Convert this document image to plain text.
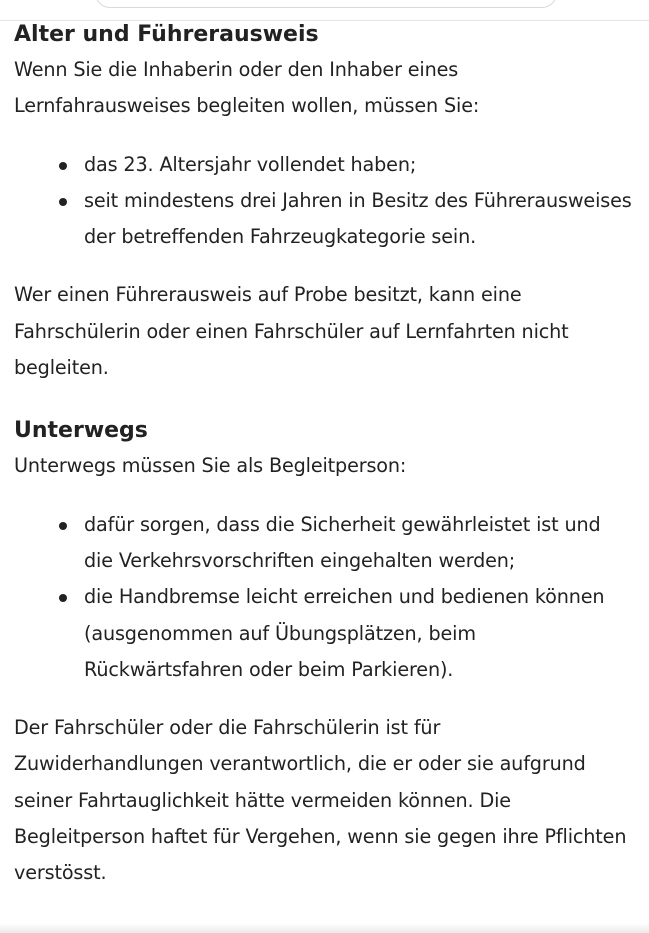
Alter und Führerausweis

Wenn Sie die Inhaberin oder den Inhaber eines Lernfahrausweises begleiten wollen, müssen Sie:

das 23. Altersjahr vollendet haben;
seit mindestens drei Jahren in Besitz des Führerausweises der betreffenden Fahrzeugkategorie sein.

Wer einen Führerausweis auf Probe besitzt, kann eine Fahrschülerin oder einen Fahrschüler auf Lernfahrten nicht begleiten.

Unterwegs

Unterwegs müssen Sie als Begleitperson:

dafür sorgen, dass die Sicherheit gewährleistet ist und die Verkehrsvorschriften eingehalten werden;
die Handbremse leicht erreichen und bedienen können (ausgenommen auf Übungsplätzen, beim Rückwärtsfahren oder beim Parkieren).

Der Fahrschüler oder die Fahrschülerin ist für Zuwiderhandlungen verantwortlich, die er oder sie aufgrund seiner Fahrtauglichkeit hätte vermeiden können. Die Begleitperson haftet für Vergehen, wenn sie gegen ihre Pflichten verstösst.
